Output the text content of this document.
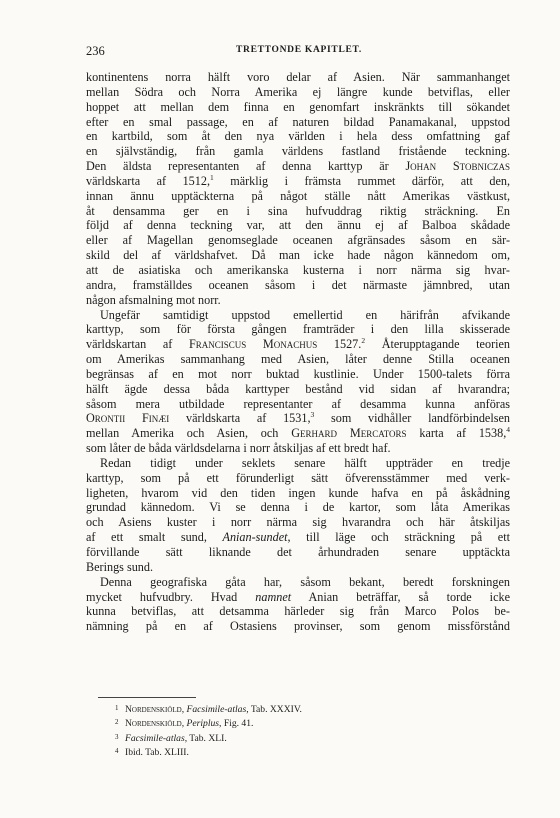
236	TRETTONDE KAPITLET.
kontinentens norra hälft voro delar af Asien. När sammanhanget
mellan Södra och Norra Amerika ej längre kunde betviflas, eller
hoppet att mellan dem finna en genomfart inskränkts till sökandet
efter en smal passage, en af naturen bildad Panamakanal, uppstod
en kartbild, som åt den nya världen i hela dess omfattning gaf
en självständig, från gamla världens fastland fristående teckning.
Den äldsta representanten af denna karttyp är Johan Stobniczas
världskarta af 1512,$^1$ märklig i främsta rummet därför, att den,
innan ännu upptäckterna på något ställe nått Amerikas västkust,
åt densamma ger en i sina hufvuddrag riktig sträckning. En
följd af denna teckning var, att den ännu ej af Balboa skådade
eller af Magellan genomseglade oceanen afgränsades såsom en sär-
skild del af världshafvet. Då man icke hade någon kännedom om,
att de asiatiska och amerikanska kusterna i norr närma sig hvar-
andra, framställdes oceanen såsom i det närmaste jämnbred, utan
någon afsmalning mot norr.
Ungefär samtidigt uppstod emellertid en härifrån afvikande
karttyp, som för första gången framträder i den lilla skisserade
världskartan af Franciscus Monachus 1527.$^2$ Återupptagande teorien
om Amerikas sammanhang med Asien, låter denne Stilla oceanen
begränsas af en mot norr buktad kustlinie. Under 1500-talets förra
hälft ägde dessa båda karttyper bestånd vid sidan af hvarandra;
såsom mera utbildade representanter af desamma kunna anföras
Orontii Finæi världskarta af 1531,$^3$ som vidhåller landförbindelsen
mellan Amerika och Asien, och Gerhard Mercators karta af 1538,$^4$
som låter de båda världsdelarna i norr åtskiljas af ett bredt haf.
Redan tidigt under seklets senare hälft uppträder en tredje
karttyp, som på ett förunderligt sätt öfverensstämmer med verk-
ligheten, hvarom vid den tiden ingen kunde hafva en på åskådning
grundad kännedom. Vi se denna i de kartor, som låta Amerikas
och Asiens kuster i norr närma sig hvarandra och här åtskiljas
af ett smalt sund, Anian-sundet, till läge och sträckning på ett
förvillande sätt liknande det århundraden senare upptäckta
Berings sund.
Denna geografiska gåta har, såsom bekant, beredt forskningen
mycket hufvudbry. Hvad namnet Anian beträffar, så torde icke
kunna betviflas, att detsamma härleder sig från Marco Polos be-
nämning på en af Ostasiens provinser, som genom missförstånd
1 Nordenskiöld, Facsimile-atlas, Tab. XXXIV.
2 Nordenskiöld, Periplus, Fig. 41.
3 Facsimile-atlas, Tab. XLI.
4 Ibid. Tab. XLIII.
